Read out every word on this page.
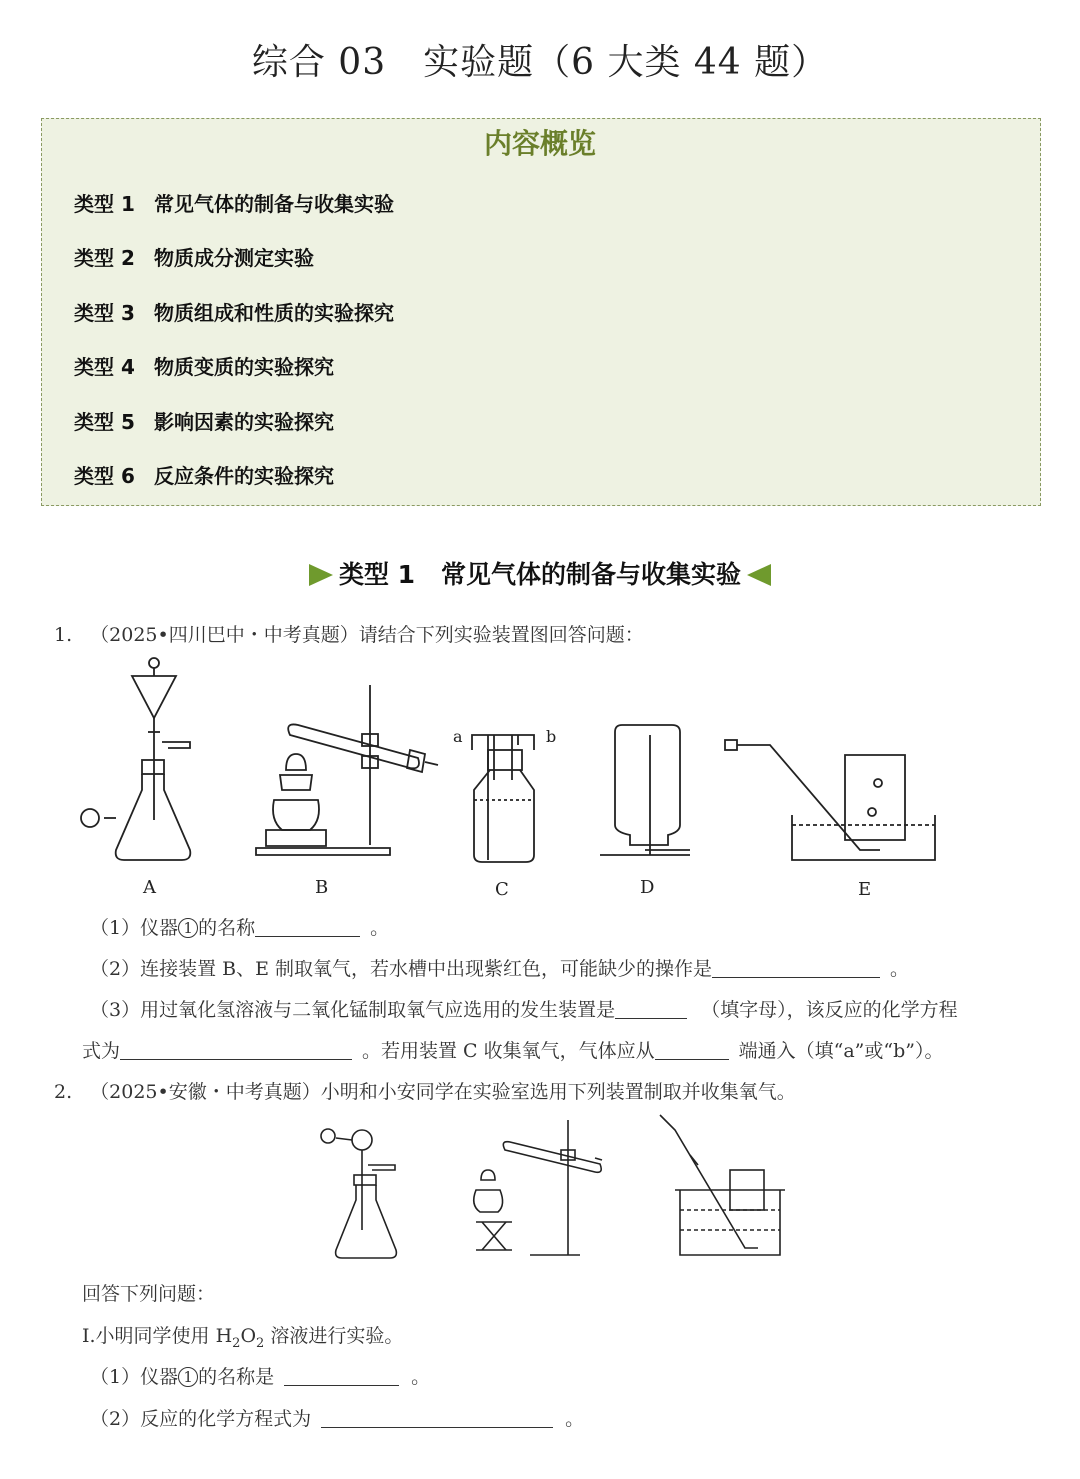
综合 03　实验题（6 大类 44 题）
内容概览
类型 1 常见气体的制备与收集实验
类型 2 物质成分测定实验
类型 3 物质组成和性质的实验探究
类型 4 物质变质的实验探究
类型 5 影响因素的实验探究
类型 6 反应条件的实验探究
类型 1 常见气体的制备与收集实验
1. （2025•四川巴中・中考真题）请结合下列实验装置图回答问题：
a	b
A	B	C	D	E
（1）仪器 1 的名称	。
（2）连接装置 B、E 制取氧气，若水槽中出现紫红色，可能缺少的操作是	。
（3）用过氧化氢溶液与二氧化锰制取氧气应选用的发生装置是	（填字母），该反应的化学方程
式为	。若用装置 C 收集氧气，气体应从	端通入（填“a”或“b”）。
2. （2025•安徽・中考真题）小明和小安同学在实验室选用下列装置制取并收集氧气。
回答下列问题：
Ⅰ.小明同学使用 $H_2O_2$ 溶液进行实验。
（1）仪器 1 的名称是	。
（2）反应的化学方程式为	。
